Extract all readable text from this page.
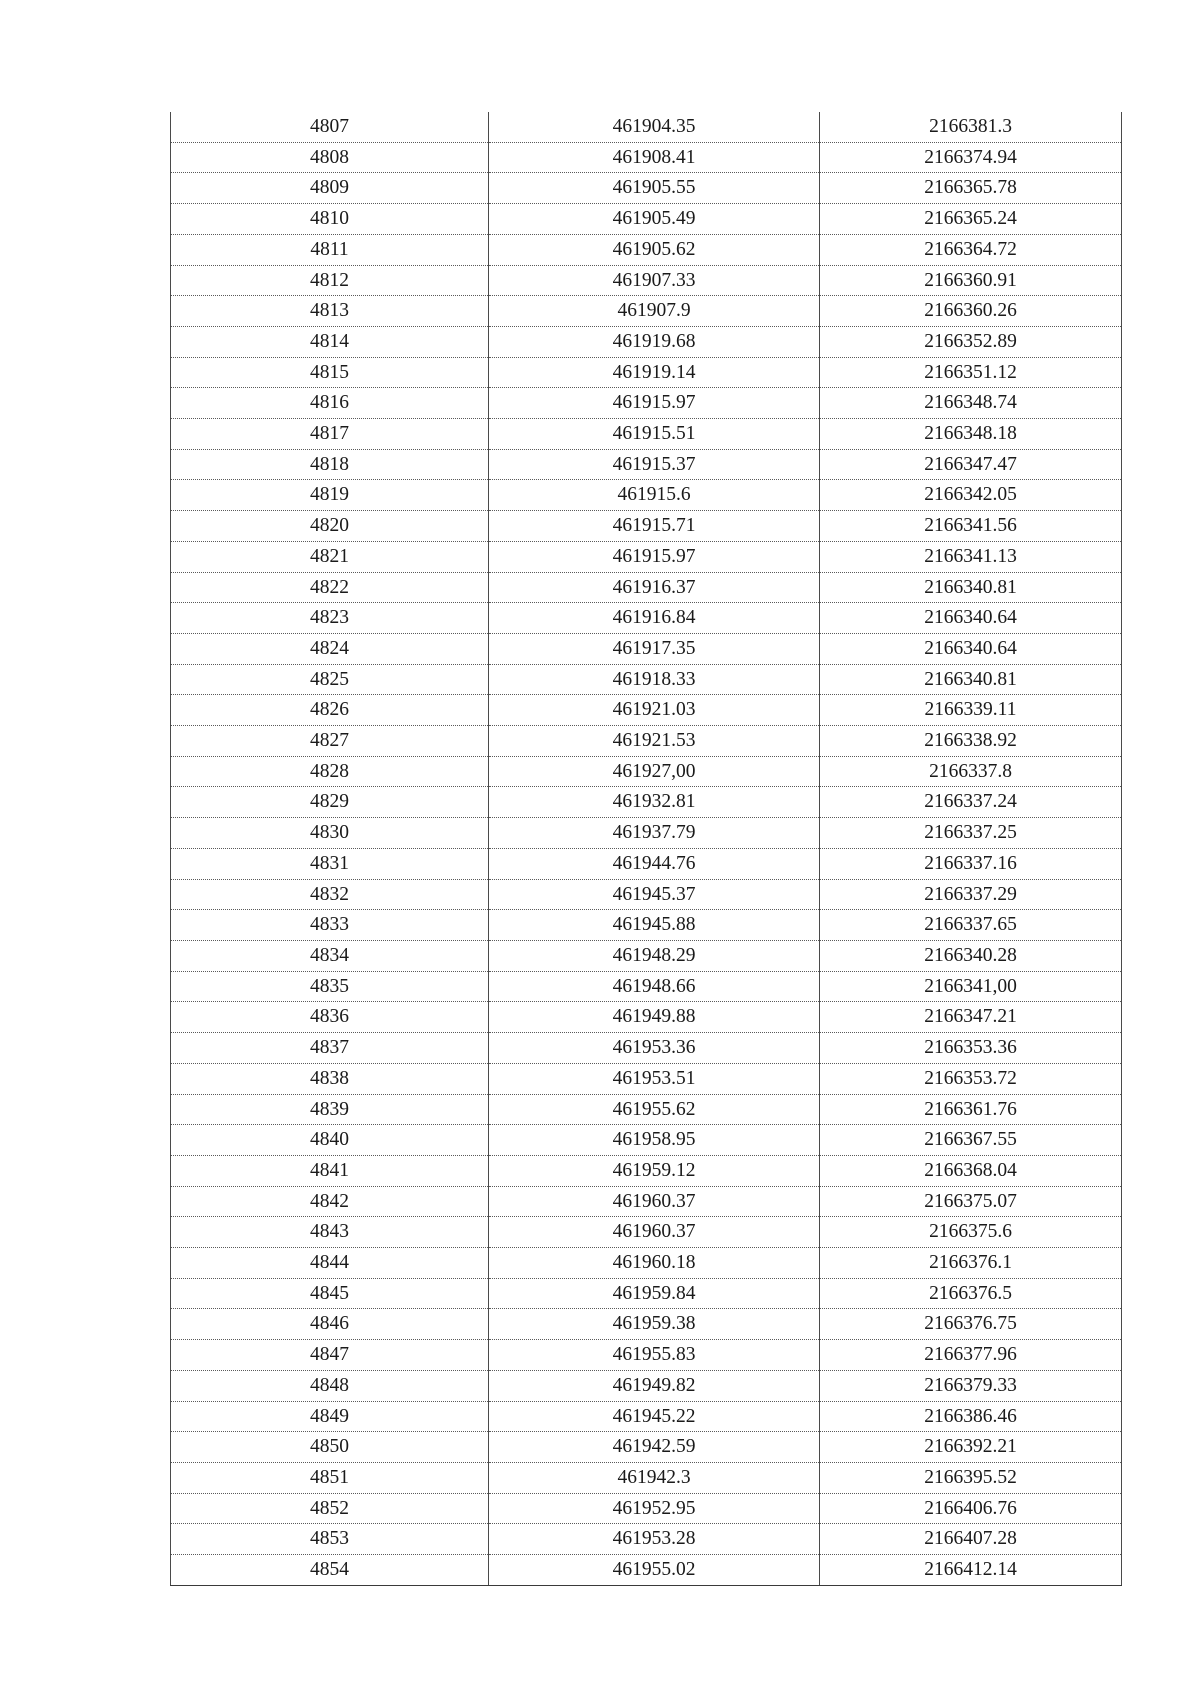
4807	461904.35	2166381.3
4808	461908.41	2166374.94
4809	461905.55	2166365.78
4810	461905.49	2166365.24
4811	461905.62	2166364.72
4812	461907.33	2166360.91
4813	461907.9	2166360.26
4814	461919.68	2166352.89
4815	461919.14	2166351.12
4816	461915.97	2166348.74
4817	461915.51	2166348.18
4818	461915.37	2166347.47
4819	461915.6	2166342.05
4820	461915.71	2166341.56
4821	461915.97	2166341.13
4822	461916.37	2166340.81
4823	461916.84	2166340.64
4824	461917.35	2166340.64
4825	461918.33	2166340.81
4826	461921.03	2166339.11
4827	461921.53	2166338.92
4828	461927,00	2166337.8
4829	461932.81	2166337.24
4830	461937.79	2166337.25
4831	461944.76	2166337.16
4832	461945.37	2166337.29
4833	461945.88	2166337.65
4834	461948.29	2166340.28
4835	461948.66	2166341,00
4836	461949.88	2166347.21
4837	461953.36	2166353.36
4838	461953.51	2166353.72
4839	461955.62	2166361.76
4840	461958.95	2166367.55
4841	461959.12	2166368.04
4842	461960.37	2166375.07
4843	461960.37	2166375.6
4844	461960.18	2166376.1
4845	461959.84	2166376.5
4846	461959.38	2166376.75
4847	461955.83	2166377.96
4848	461949.82	2166379.33
4849	461945.22	2166386.46
4850	461942.59	2166392.21
4851	461942.3	2166395.52
4852	461952.95	2166406.76
4853	461953.28	2166407.28
4854	461955.02	2166412.14
